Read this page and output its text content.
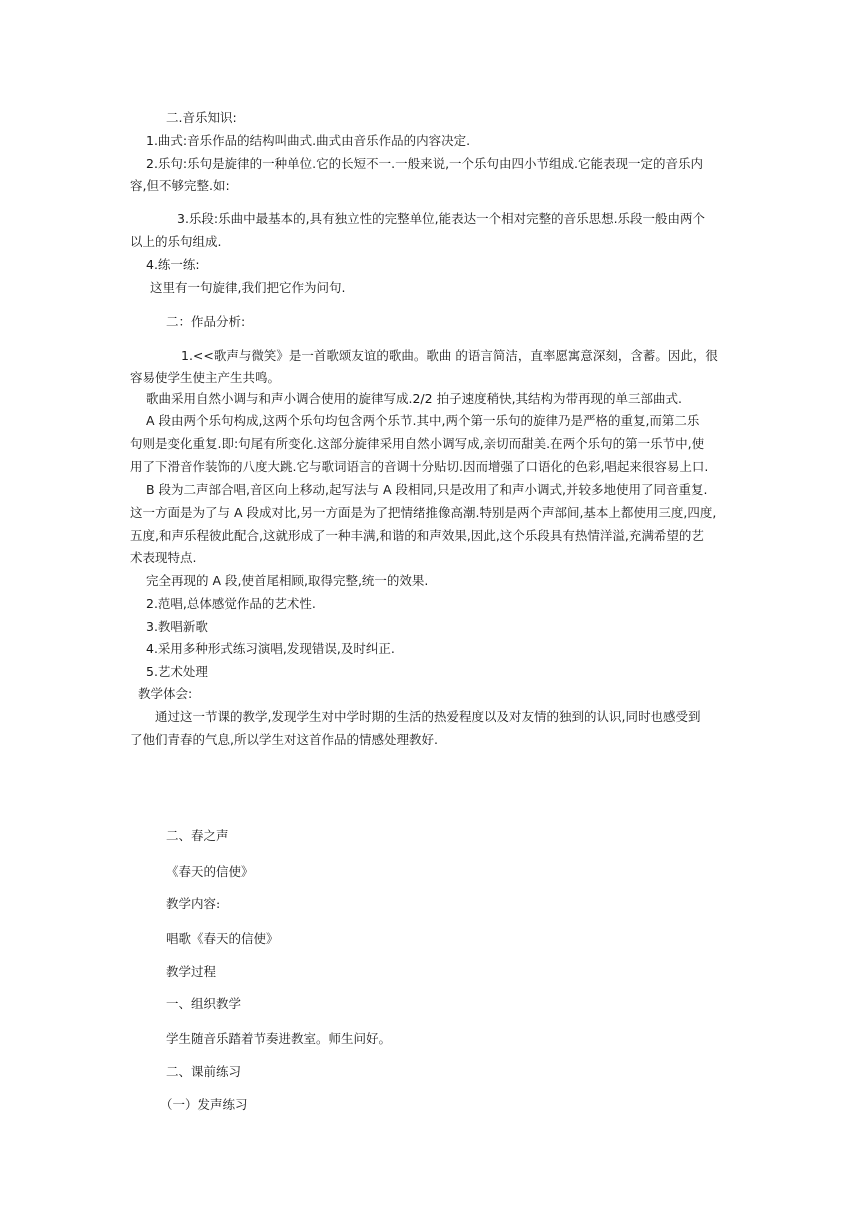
二.音乐知识:
1.曲式:音乐作品的结构叫曲式.曲式由音乐作品的内容决定.
2.乐句:乐句是旋律的一种单位.它的长短不一.一般来说,一个乐句由四小节组成.它能表现一定的音乐内
容,但不够完整.如:
3.乐段:乐曲中最基本的,具有独立性的完整单位,能表达一个相对完整的音乐思想.乐段一般由两个
以上的乐句组成.
4.练一练:
这里有一句旋律,我们把它作为问句.
二：作品分析:
1.<<歌声与微笑》是一首歌颂友谊的歌曲。歌曲 的语言简洁，直率愿寓意深刻，含蓄。因此，很
容易使学生使主产生共鸣。
歌曲采用自然小调与和声小调合使用的旋律写成.2/2 拍子速度稍快,其结构为带再现的单三部曲式.
A 段由两个乐句构成,这两个乐句均包含两个乐节.其中,两个第一乐句的旋律乃是严格的重复,而第二乐
句则是变化重复.即:句尾有所变化.这部分旋律采用自然小调写成,亲切而甜美.在两个乐句的第一乐节中,使
用了下滑音作装饰的八度大跳.它与歌词语言的音调十分贴切.因而增强了口语化的色彩,唱起来很容易上口.
B 段为二声部合唱,音区向上移动,起写法与 A 段相同,只是改用了和声小调式,并较多地使用了同音重复.
这一方面是为了与 A 段成对比,另一方面是为了把情绪推像高潮.特别是两个声部间,基本上都使用三度,四度,
五度,和声乐程彼此配合,这就形成了一种丰满,和谐的和声效果,因此,这个乐段具有热情洋溢,充满希望的艺
术表现特点.
完全再现的 A 段,使首尾相顾,取得完整,统一的效果.
2.范唱,总体感觉作品的艺术性.
3.教唱新歌
4.采用多种形式练习演唱,发现错误,及时纠正.
5.艺术处理
教学体会:
通过这一节课的教学,发现学生对中学时期的生活的热爱程度以及对友情的独到的认识,同时也感受到
了他们青春的气息,所以学生对这首作品的情感处理教好.
二、春之声
《春天的信使》
教学内容:
唱歌《春天的信使》
教学过程
一、组织教学
学生随音乐踏着节奏进教室。师生问好。
二、课前练习
（一）发声练习
